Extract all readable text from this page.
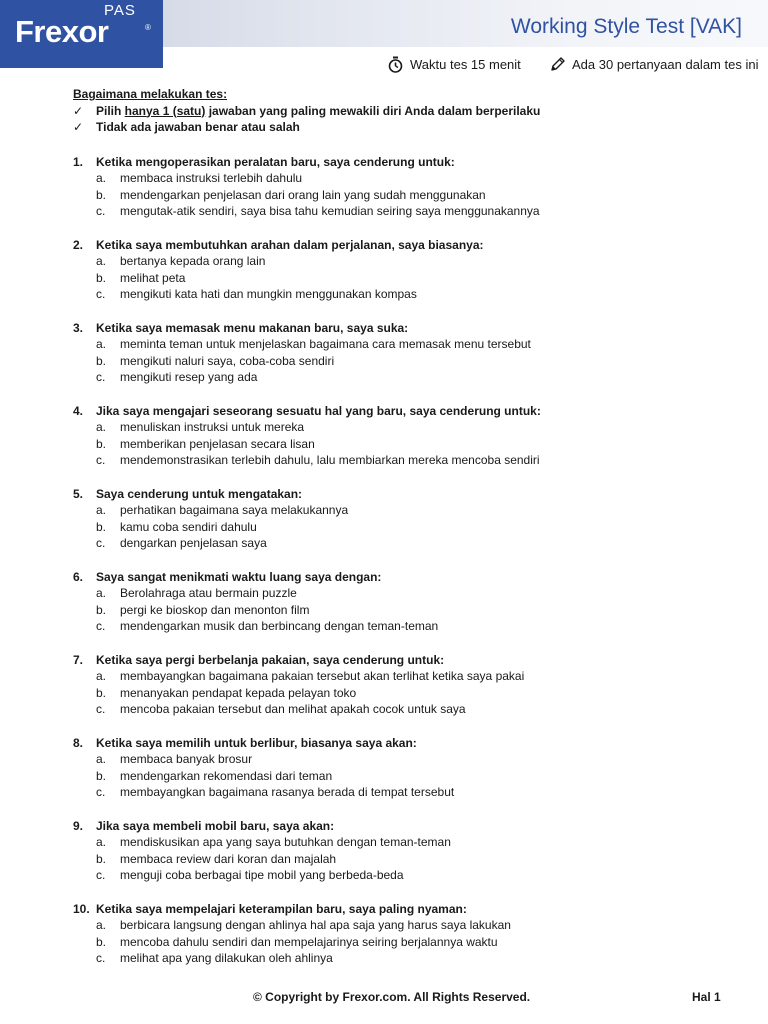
PAS
Frexor	®	Working Style Test [VAK]
Waktu tes 15 menit	Ada 30 pertanyaan dalam tes ini
Bagaimana melakukan tes:
✓	Pilih hanya 1 (satu) jawaban yang paling mewakili diri Anda dalam berperilaku
✓	Tidak ada jawaban benar atau salah
1.	Ketika mengoperasikan peralatan baru, saya cenderung untuk:
a.	membaca instruksi terlebih dahulu
b.	mendengarkan penjelasan dari orang lain yang sudah menggunakan
c.	mengutak-atik sendiri, saya bisa tahu kemudian seiring saya menggunakannya
2.	Ketika saya membutuhkan arahan dalam perjalanan, saya biasanya:
a.	bertanya kepada orang lain
b.	melihat peta
c.	mengikuti kata hati dan mungkin menggunakan kompas
3.	Ketika saya memasak menu makanan baru, saya suka:
a.	meminta teman untuk menjelaskan bagaimana cara memasak menu tersebut
b.	mengikuti naluri saya, coba-coba sendiri
c.	mengikuti resep yang ada
4.	Jika saya mengajari seseorang sesuatu hal yang baru, saya cenderung untuk:
a.	menuliskan instruksi untuk mereka
b.	memberikan penjelasan secara lisan
c.	mendemonstrasikan terlebih dahulu, lalu membiarkan mereka mencoba sendiri
5.	Saya cenderung untuk mengatakan:
a.	perhatikan bagaimana saya melakukannya
b.	kamu coba sendiri dahulu
c.	dengarkan penjelasan saya
6.	Saya sangat menikmati waktu luang saya dengan:
a.	Berolahraga atau bermain puzzle
b.	pergi ke bioskop dan menonton film
c.	mendengarkan musik dan berbincang dengan teman-teman
7.	Ketika saya pergi berbelanja pakaian, saya cenderung untuk:
a.	membayangkan bagaimana pakaian tersebut akan terlihat ketika saya pakai
b.	menanyakan pendapat kepada pelayan toko
c.	mencoba pakaian tersebut dan melihat apakah cocok untuk saya
8.	Ketika saya memilih untuk berlibur, biasanya saya akan:
a.	membaca banyak brosur
b.	mendengarkan rekomendasi dari teman
c.	membayangkan bagaimana rasanya berada di tempat tersebut
9.	Jika saya membeli mobil baru, saya akan:
a.	mendiskusikan apa yang saya butuhkan dengan teman-teman
b.	membaca review dari koran dan majalah
c.	menguji coba berbagai tipe mobil yang berbeda-beda
10. Ketika saya mempelajari keterampilan baru, saya paling nyaman:
a.	berbicara langsung dengan ahlinya hal apa saja yang harus saya lakukan
b.	mencoba dahulu sendiri dan mempelajarinya seiring berjalannya waktu
c.	melihat apa yang dilakukan oleh ahlinya
© Copyright by Frexor.com. All Rights Reserved.	Hal 1
